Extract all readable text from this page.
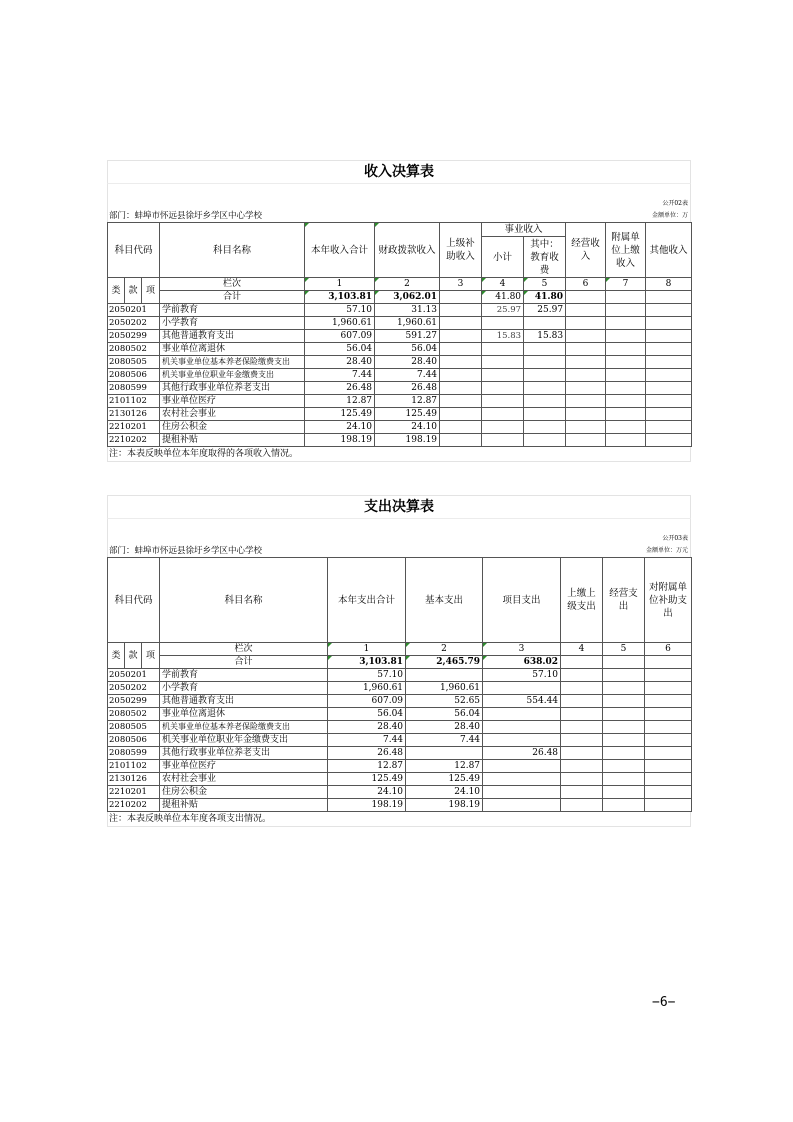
收入决算表
公开02表
部门：蚌埠市怀远县徐圩乡学区中心学校	金额单位：万
科目代码			科目名称	本年收入合计	财政拨款收入	上级补助收入	事业收入		经营收入	附属单位上缴收入	其他收入
							小计	其中：教育收费			
类	款	项	栏次	1	2	3	4	5	6	7	8
			合计	3,103.81	3,062.01		41.80	41.80			
2050201			学前教育	57.10	31.13		25.97	25.97			
2050202			小学教育	1,960.61	1,960.61						
2050299			其他普通教育支出	607.09	591.27		15.83	15.83			
2080502			事业单位离退休	56.04	56.04						
2080505			机关事业单位基本养老保险缴费支出	28.40	28.40						
2080506			机关事业单位职业年金缴费支出	7.44	7.44						
2080599			其他行政事业单位养老支出	26.48	26.48						
2101102			事业单位医疗	12.87	12.87						
2130126			农村社会事业	125.49	125.49						
2210201			住房公积金	24.10	24.10						
2210202			提租补贴	198.19	198.19						
注：本表反映单位本年度取得的各项收入情况。
支出决算表
公开03表
部门：蚌埠市怀远县徐圩乡学区中心学校	金额单位：万元
科目代码			科目名称	本年支出合计	基本支出	项目支出	上缴上级支出	经营支出	对附属单位补助支出
类	款	项	栏次	1	2	3	4	5	6
			合计	3,103.81	2,465.79	638.02			
2050201			学前教育	57.10		57.10			
2050202			小学教育	1,960.61	1,960.61				
2050299			其他普通教育支出	607.09	52.65	554.44			
2080502			事业单位离退休	56.04	56.04				
2080505			机关事业单位基本养老保险缴费支出	28.40	28.40				
2080506			机关事业单位职业年金缴费支出	7.44	7.44				
2080599			其他行政事业单位养老支出	26.48		26.48			
2101102			事业单位医疗	12.87	12.87				
2130126			农村社会事业	125.49	125.49				
2210201			住房公积金	24.10	24.10				
2210202			提租补贴	198.19	198.19				
注：本表反映单位本年度各项支出情况。
−6−
